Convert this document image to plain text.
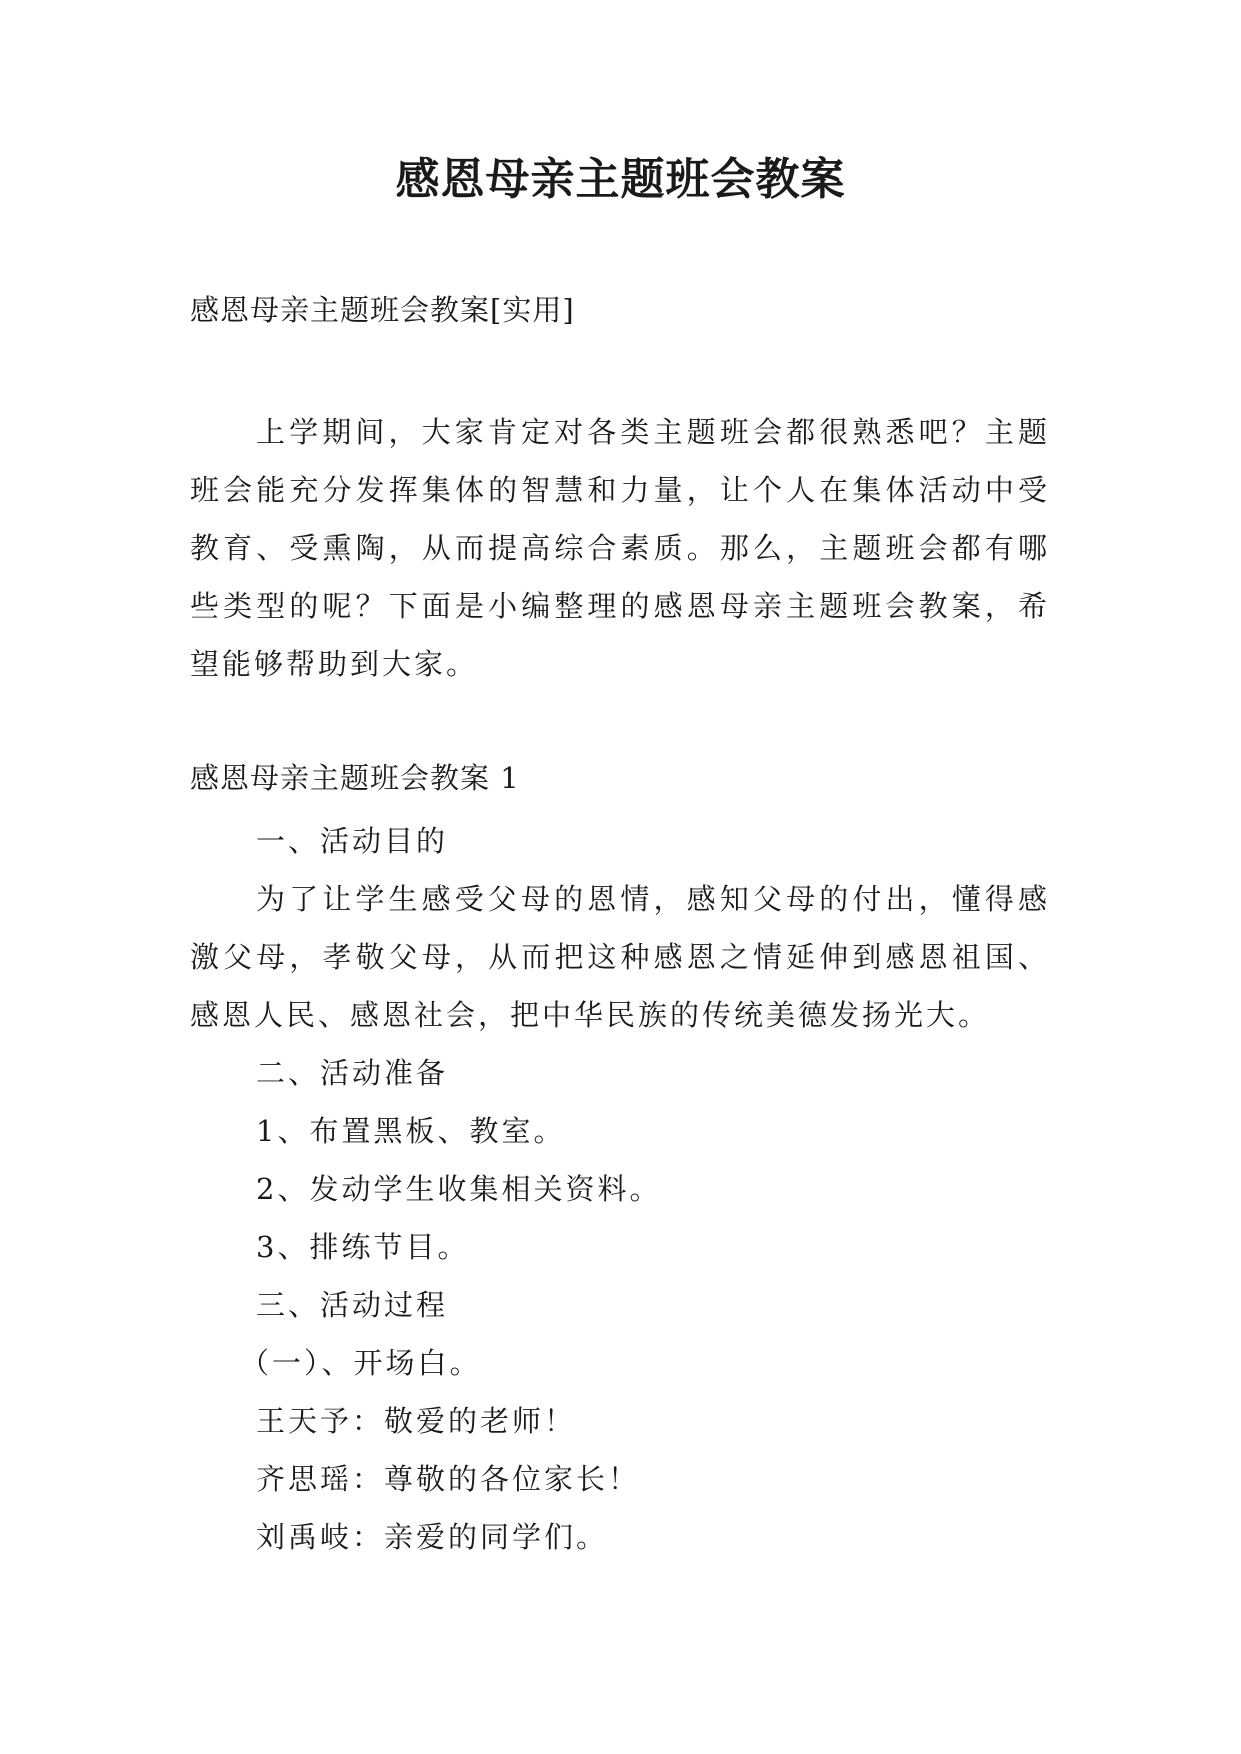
感恩母亲主题班会教案
感恩母亲主题班会教案[实用]
上学期间，大家肯定对各类主题班会都很熟悉吧？主题班会能充分发挥集体的智慧和力量，让个人在集体活动中受教育、受熏陶，从而提高综合素质。那么，主题班会都有哪些类型的呢？下面是小编整理的感恩母亲主题班会教案，希望能够帮助到大家。
感恩母亲主题班会教案 1
一、活动目的
为了让学生感受父母的恩情，感知父母的付出，懂得感激父母，孝敬父母，从而把这种感恩之情延伸到感恩祖国、感恩人民、感恩社会，把中华民族的传统美德发扬光大。
二、活动准备
1、布置黑板、教室。
2、发动学生收集相关资料。
3、排练节目。
三、活动过程
（一）、开场白。
王天予：敬爱的老师！
齐思瑶：尊敬的各位家长！
刘禹岐：亲爱的同学们。
